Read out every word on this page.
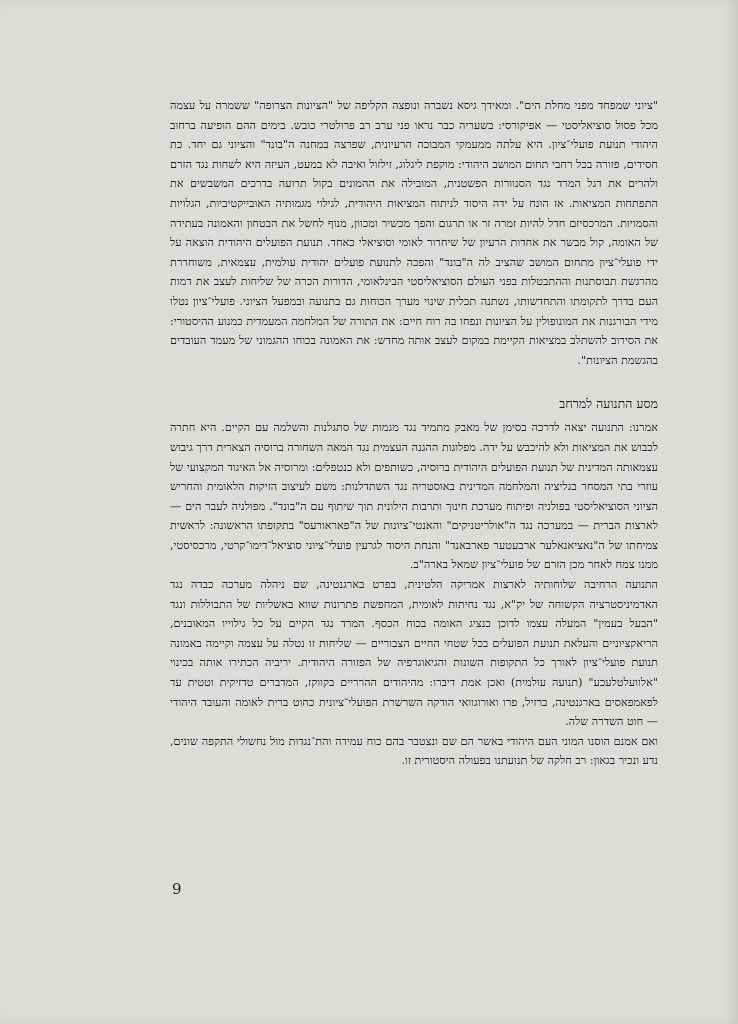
"ציוני שמפחד מפני מחלת הים". ומאידך גיסא נשברה ונופצה הקליפה של "הציונות הצרופה" ששמרה על עצמה מכל פסול סוציאליסטי — אפיקורסי: בשעריה כבר נראו פני ערב רב פרולטרי כובש. בימים ההם הופיעה ברחוב היהודי תנועת פועלי־ציון. היא עלתה ממעמקי המבוכה הרעיונית, שפרצה במחנה ה"בונד" והציוני גם יחד. כת חסידים, פזורה בכל רחבי תחום המושב היהודי: מוקפת ליגלוג, זילזול ואיבה לא במעט, העיזה היא לשחות נגד הזרם ולהרים את דגל המרד נגד הסנוורות הפשטנית, המובילה את ההמונים בקול תרועה בדרכים המשבשים את התפתחות המציאות. אז הונח על ידה היסוד לניתוח המציאות היהודית, לגילוי מגמותיה האובייקטיביות, הגלויות והסמויות. המרכסיזם חדל להיות זמרה זר או תרגום והפך מכשיר ומכוון, מנוף לחשל את הבטחון והאמונה בעתידה של האומה, קול מבשר את אחדות הרעיון של שיחרור לאומי וסוציאלי כאחד. תנועת הפועלים היהודית הוצאה על ידי פועלי־ציון מתחום המושב שהציב לה ה"בונד" והפכה לתנועת פועלים יהודית עולמית, עצמאית, משוחררת מהרגשת תבוסתנות וההתבטלות בפני העולם הסוציאליסטי הבינלאומי, הדורות הכרה של שליחות לעצב את דמות העם בדרך לתקומתו והתחדשותו, נשתנה תכלית שינוי מערך הכוחות גם בתנועה ובמפעל הציוני. פועלי־ציון נטלו מידי הבורגנות את המונופולין על הציונות ונפחו בה רוח חיים: את התורה של המלחמה המעמדית כמנוע ההיסטורי: את הסירוב להשתלב במציאות הקיימת במקום לעצב אותה מחדש: את האמונה בכוחו ההגמוני של מעמד העובדים בהגשמת הציונות".

מסע התנועה למרחב

אמרנו: התנועה יצאה לדרכה בסימן של מאבק מתמיד נגד מגמות של סתגלנות והשלמה עם הקיים. היא חתרה לכבוש את המציאות ולא להיכבש על ידה. מפלוגות ההגנה העצמית נגד המאה השחורה ברוסיה הצארית דרך גיבוש עצמאותה המדינית של תנועת הפועלים היהודית ברוסיה, כשותפים ולא כנטפלים: ומרוסיה אל האיגוד המקצועי של עוזרי בתי המסחר בגליציה והמלחמה המדינית באוסטריה נגד השתדלנות: משם לעיצוב הזיקות הלאומית והחריש הציוני הסוציאליסטי בפולניה ופיתוח מערכת חינוך ותרבות הילונית תוך שיתוף עם ה"בונד". מפולניה לעבר הים — לארצות הברית — במערכה נגד ה"אולריטניקים" והאנטי־ציונות של ה"פאראורעס" בתקופתו הראשונה: לראשית צמיחתו של ה"נאציאנאלער ארבעטער פארבאנד" והנחת היסוד לגרעין פועלי־ציוני סוציאל־דימו־קרטי, מרכסיסטי, ממנו צמח לאחר מכן הזרם של פועלי־ציון שמאל בארה"ב.

התנועה הרחיבה שלוחותיה לארצות אמריקה הלטינית, בפרט בארגנטינה, שם ניהלה מערכה כבדה נגד האדמיניסטרציה הקשוחה של יק"א, נגד נחיתות לאומית, המחפשת פתרונות שווא באשליות של התבוללות ונגד "הבעל בעמין" המעלה עצמו לדוכן כנציג האומה בכוח הכסף. המרד נגד הקיים על כל גילוייו המאובנים, הריאקציוניים והעלאת תנועת הפועלים בכל שטחי החיים הצבוריים — שליחות זו נטלה על עצמה וקיימה באמונה תנועת פועלי־ציון לאורך כל התקופות השונות והגיאוגרפיה של הפזורה היהודית. יריביה הכתירו אותה בכינוי "אלוועלטלעכע" (תנועה עולמית) ואכן אמת דיברו: מהיהודים ההרריים בקווקז, המדברים טדזיקית וטטית עד לפאמפאסים בארגנטינה, ברזיל, פרו ואורוגוואי הודקה השרשרת הפועלי־ציונית כחוט ברית לאומה והעובד היהודי — חוט השדרה שלה.

ואם אמנם הוסנו המוני העם היהודי באשר הם שם ונצטבר בהם כוח עמידה והת־נגדות מול נחשולי התקפה שונים, נדע ונכיר בגאון: רב חלקה של תנועתנו בפעולה היסטורית זו.

9
